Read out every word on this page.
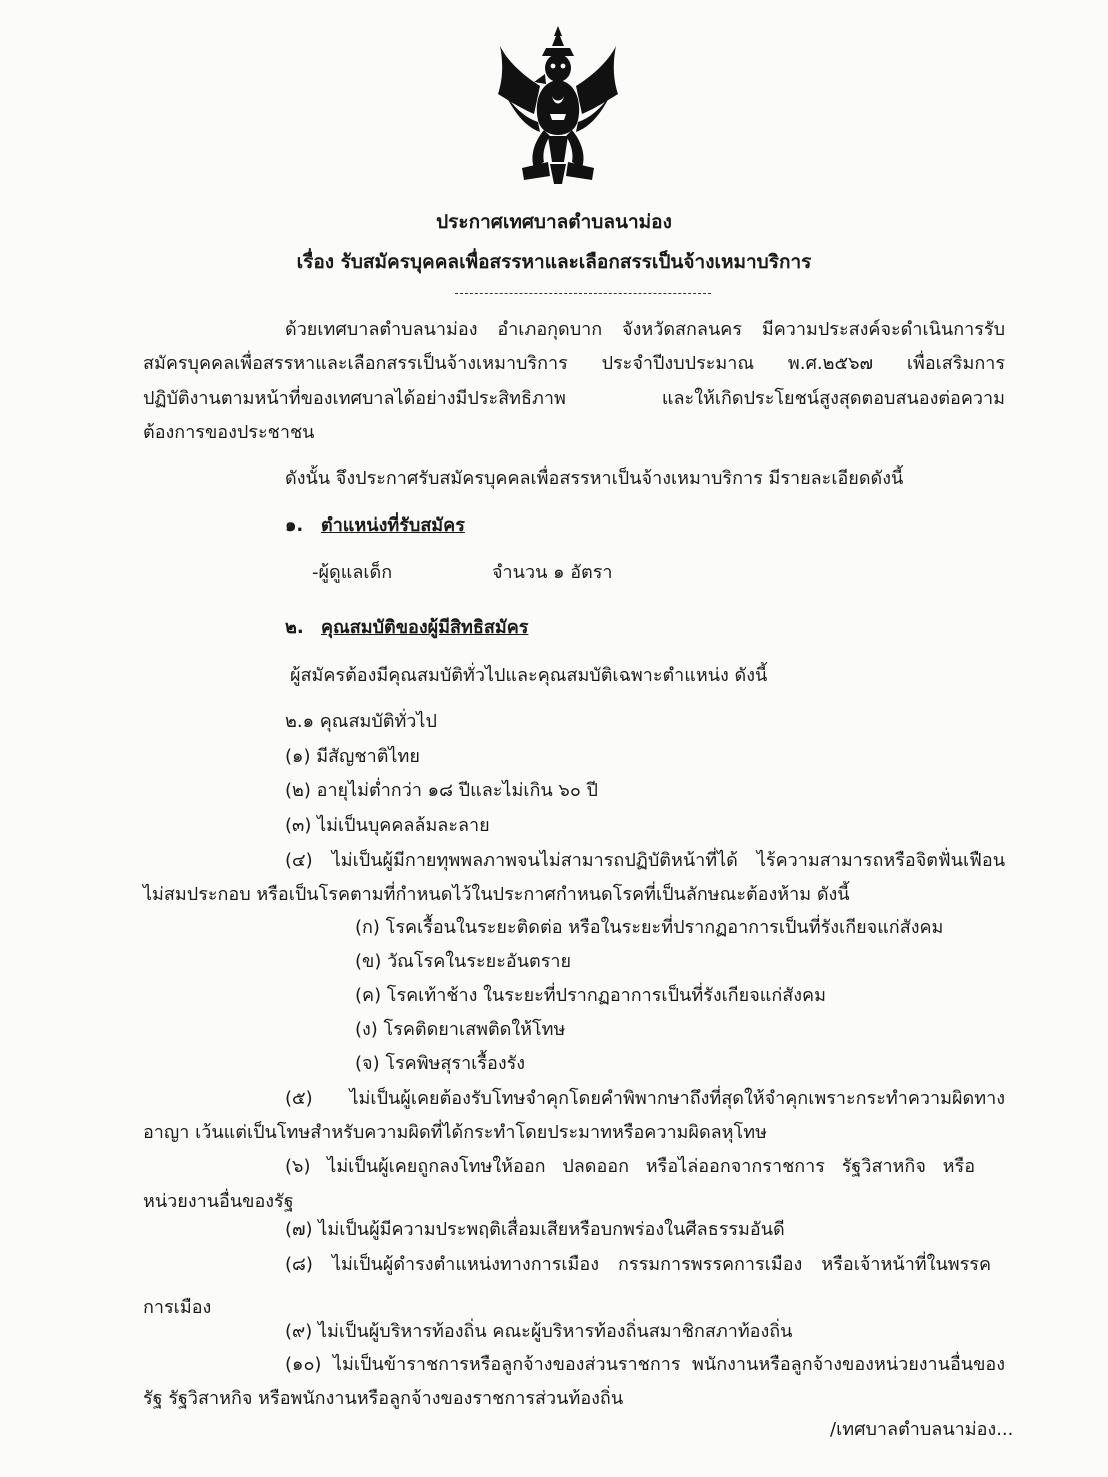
ประกาศเทศบาลตำบลนาม่อง
เรื่อง รับสมัครบุคคลเพื่อสรรหาและเลือกสรรเป็นจ้างเหมาบริการ
ด้วยเทศบาลตำบลนาม่อง อำเภอกุดบาก จังหวัดสกลนคร มีความประสงค์จะดำเนินการรับ
สมัครบุคคลเพื่อสรรหาและเลือกสรรเป็นจ้างเหมาบริการ ประจำปีงบประมาณ พ.ศ.๒๕๖๗ เพื่อเสริมการ
ปฏิบัติงานตามหน้าที่ของเทศบาลได้อย่างมีประสิทธิภาพ และให้เกิดประโยชน์สูงสุดตอบสนองต่อความ
ต้องการของประชาชน
ดังนั้น จึงประกาศรับสมัครบุคคลเพื่อสรรหาเป็นจ้างเหมาบริการ มีรายละเอียดดังนี้
๑. ตำแหน่งที่รับสมัคร
-ผู้ดูแลเด็ก	จำนวน ๑ อัตรา
๒. คุณสมบัติของผู้มีสิทธิสมัคร
ผู้สมัครต้องมีคุณสมบัติทั่วไปและคุณสมบัติเฉพาะตำแหน่ง ดังนี้
๒.๑ คุณสมบัติทั่วไป
(๑) มีสัญชาติไทย
(๒) อายุไม่ต่ำกว่า ๑๘ ปีและไม่เกิน ๖๐ ปี
(๓) ไม่เป็นบุคคลล้มละลาย
(๔) ไม่เป็นผู้มีกายทุพพลภาพจนไม่สามารถปฏิบัติหน้าที่ได้ ไร้ความสามารถหรือจิตฟั่นเฟือน
ไม่สมประกอบ หรือเป็นโรคตามที่กำหนดไว้ในประกาศกำหนดโรคที่เป็นลักษณะต้องห้าม ดังนี้
(ก) โรคเรื้อนในระยะติดต่อ หรือในระยะที่ปรากฏอาการเป็นที่รังเกียจแก่สังคม
(ข) วัณโรคในระยะอันตราย
(ค) โรคเท้าช้าง ในระยะที่ปรากฏอาการเป็นที่รังเกียจแก่สังคม
(ง) โรคติดยาเสพติดให้โทษ
(จ) โรคพิษสุราเรื้องรัง
(๕) ไม่เป็นผู้เคยต้องรับโทษจำคุกโดยคำพิพากษาถึงที่สุดให้จำคุกเพราะกระทำความผิดทาง
อาญา เว้นแต่เป็นโทษสำหรับความผิดที่ได้กระทำโดยประมาทหรือความผิดลหุโทษ
(๖) ไม่เป็นผู้เคยถูกลงโทษให้ออก ปลดออก หรือไล่ออกจากราชการ รัฐวิสาหกิจ หรือ
หน่วยงานอื่นของรัฐ
(๗) ไม่เป็นผู้มีความประพฤติเสื่อมเสียหรือบกพร่องในศีลธรรมอันดี
(๘) ไม่เป็นผู้ดำรงตำแหน่งทางการเมือง กรรมการพรรคการเมือง หรือเจ้าหน้าที่ในพรรค
การเมือง
(๙) ไม่เป็นผู้บริหารท้องถิ่น คณะผู้บริหารท้องถิ่นสมาชิกสภาท้องถิ่น
(๑๐) ไม่เป็นข้าราชการหรือลูกจ้างของส่วนราชการ พนักงานหรือลูกจ้างของหน่วยงานอื่นของ
รัฐ รัฐวิสาหกิจ หรือพนักงานหรือลูกจ้างของราชการส่วนท้องถิ่น
/เทศบาลตำบลนาม่อง...
